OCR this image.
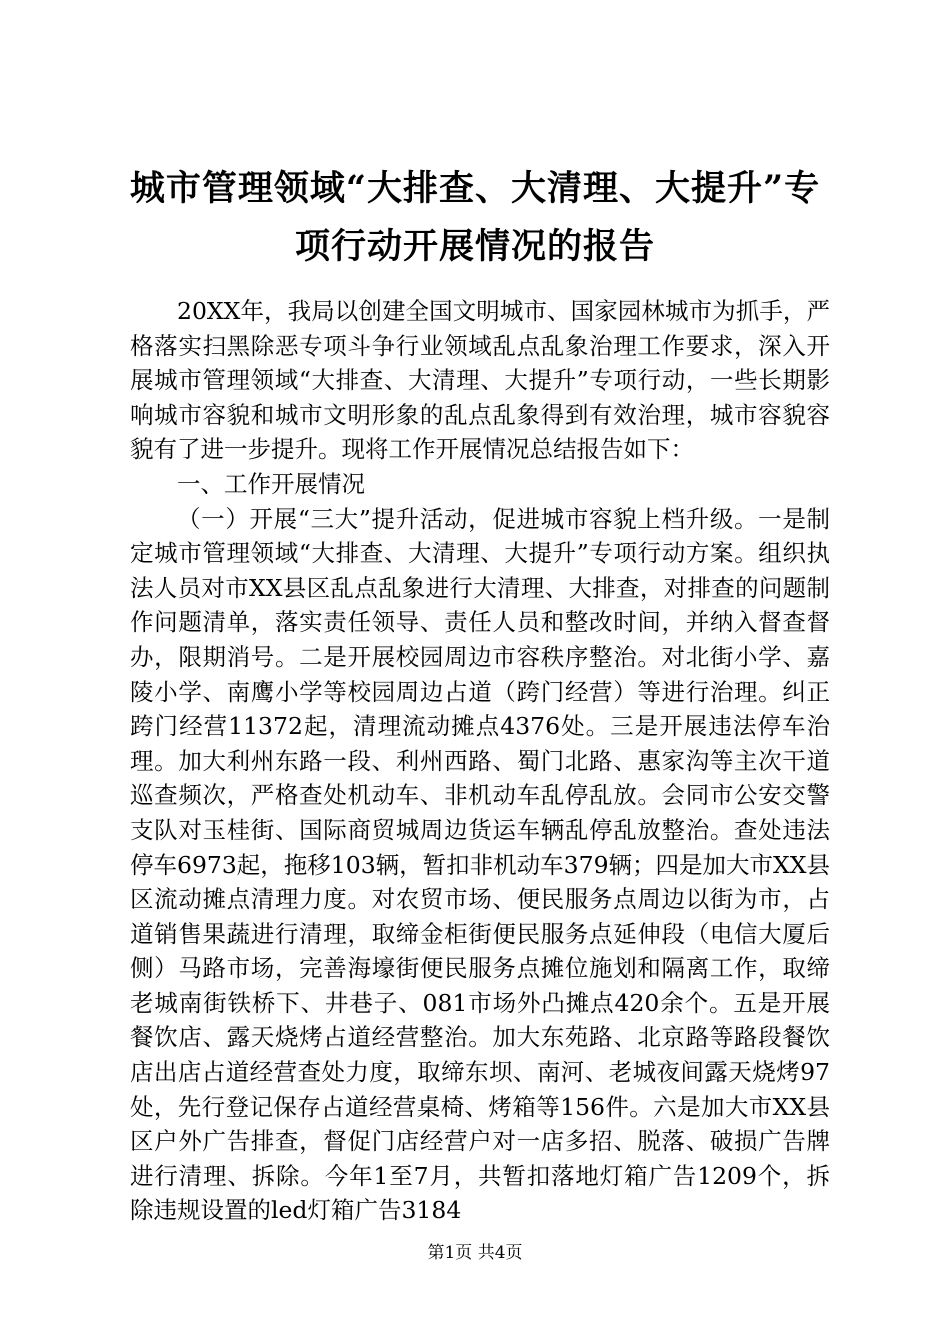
城市管理领域“大排查、大清理、大提升”专项行动开展情况的报告

20XX年，我局以创建全国文明城市、国家园林城市为抓手，严格落实扫黑除恶专项斗争行业领域乱点乱象治理工作要求，深入开展城市管理领域“大排查、大清理、大提升”专项行动，一些长期影响城市容貌和城市文明形象的乱点乱象得到有效治理，城市容貌容貌有了进一步提升。现将工作开展情况总结报告如下：

一、工作开展情况

（一）开展“三大”提升活动，促进城市容貌上档升级。一是制定城市管理领域“大排查、大清理、大提升”专项行动方案。组织执法人员对市XX县区乱点乱象进行大清理、大排查，对排查的问题制作问题清单，落实责任领导、责任人员和整改时间，并纳入督查督办，限期消号。二是开展校园周边市容秩序整治。对北街小学、嘉陵小学、南鹰小学等校园周边占道（跨门经营）等进行治理。纠正跨门经营11372起，清理流动摊点4376处。三是开展违法停车治理。加大利州东路一段、利州西路、蜀门北路、惠家沟等主次干道巡查频次，严格查处机动车、非机动车乱停乱放。会同市公安交警支队对玉桂街、国际商贸城周边货运车辆乱停乱放整治。查处违法停车6973起，拖移103辆，暂扣非机动车379辆；四是加大市XX县区流动摊点清理力度。对农贸市场、便民服务点周边以街为市，占道销售果蔬进行清理，取缔金柜街便民服务点延伸段（电信大厦后侧）马路市场，完善海壕街便民服务点摊位施划和隔离工作，取缔老城南街铁桥下、井巷子、081市场外凸摊点420余个。五是开展餐饮店、露天烧烤占道经营整治。加大东苑路、北京路等路段餐饮店出店占道经营查处力度，取缔东坝、南河、老城夜间露天烧烤97处，先行登记保存占道经营桌椅、烤箱等156件。六是加大市XX县区户外广告排查，督促门店经营户对一店多招、脱落、破损广告牌进行清理、拆除。今年1至7月，共暂扣落地灯箱广告1209个，拆除违规设置的led灯箱广告3184

第1页 共4页
